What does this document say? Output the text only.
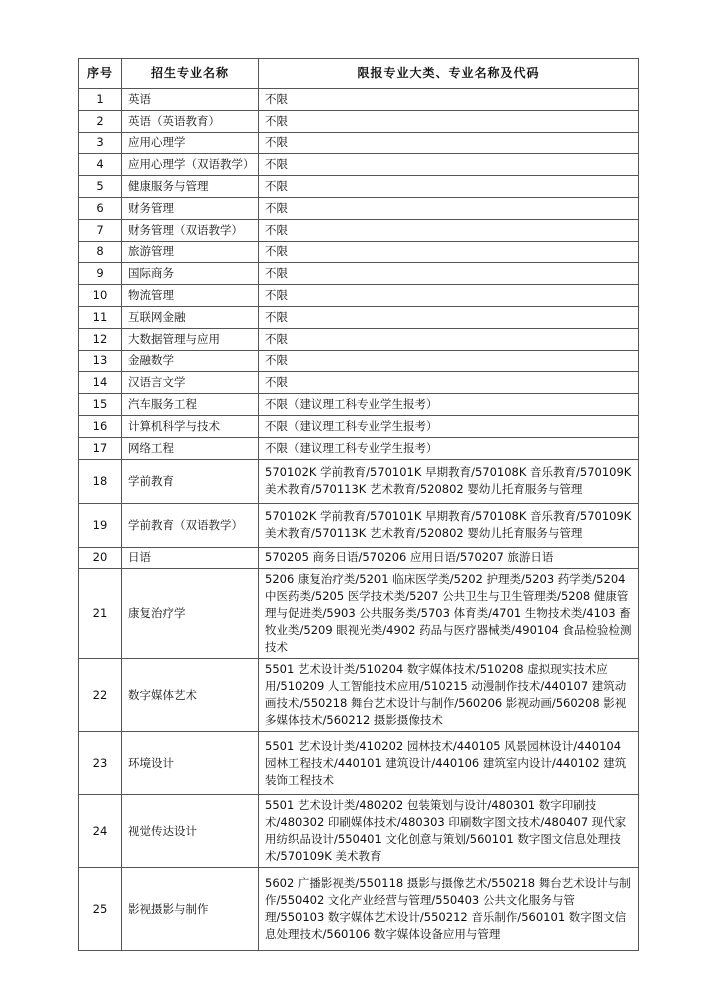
序号	招生专业名称	限报专业大类、专业名称及代码
1	英语	不限
2	英语（英语教育）	不限
3	应用心理学	不限
4	应用心理学（双语教学）	不限
5	健康服务与管理	不限
6	财务管理	不限
7	财务管理（双语教学）	不限
8	旅游管理	不限
9	国际商务	不限
10	物流管理	不限
11	互联网金融	不限
12	大数据管理与应用	不限
13	金融数学	不限
14	汉语言文学	不限
15	汽车服务工程	不限（建议理工科专业学生报考）
16	计算机科学与技术	不限（建议理工科专业学生报考）
17	网络工程	不限（建议理工科专业学生报考）
18	学前教育	570102K 学前教育/570101K 早期教育/570108K 音乐教育/570109K 美术教育/570113K 艺术教育/520802 婴幼儿托育服务与管理
19	学前教育（双语教学）	570102K 学前教育/570101K 早期教育/570108K 音乐教育/570109K 美术教育/570113K 艺术教育/520802 婴幼儿托育服务与管理
20	日语	570205 商务日语/570206 应用日语/570207 旅游日语
21	康复治疗学	5206 康复治疗类/5201 临床医学类/5202 护理类/5203 药学类/5204 中医药类/5205 医学技术类/5207 公共卫生与卫生管理类/5208 健康管理与促进类/5903 公共服务类/5703 体育类/4701 生物技术类/4103 畜牧业类/5209 眼视光类/4902 药品与医疗器械类/490104 食品检验检测技术
22	数字媒体艺术	5501 艺术设计类/510204 数字媒体技术/510208 虚拟现实技术应用/510209 人工智能技术应用/510215 动漫制作技术/440107 建筑动画技术/550218 舞台艺术设计与制作/560206 影视动画/560208 影视多媒体技术/560212 摄影摄像技术
23	环境设计	5501 艺术设计类/410202 园林技术/440105 风景园林设计/440104 园林工程技术/440101 建筑设计/440106 建筑室内设计/440102 建筑装饰工程技术
24	视觉传达设计	5501 艺术设计类/480202 包装策划与设计/480301 数字印刷技术/480302 印刷媒体技术/480303 印刷数字图文技术/480407 现代家用纺织品设计/550401 文化创意与策划/560101 数字图文信息处理技术/570109K 美术教育
25	影视摄影与制作	5602 广播影视类/550118 摄影与摄像艺术/550218 舞台艺术设计与制作/550402 文化产业经营与管理/550403 公共文化服务与管理/550103 数字媒体艺术设计/550212 音乐制作/560101 数字图文信息处理技术/560106 数字媒体设备应用与管理
